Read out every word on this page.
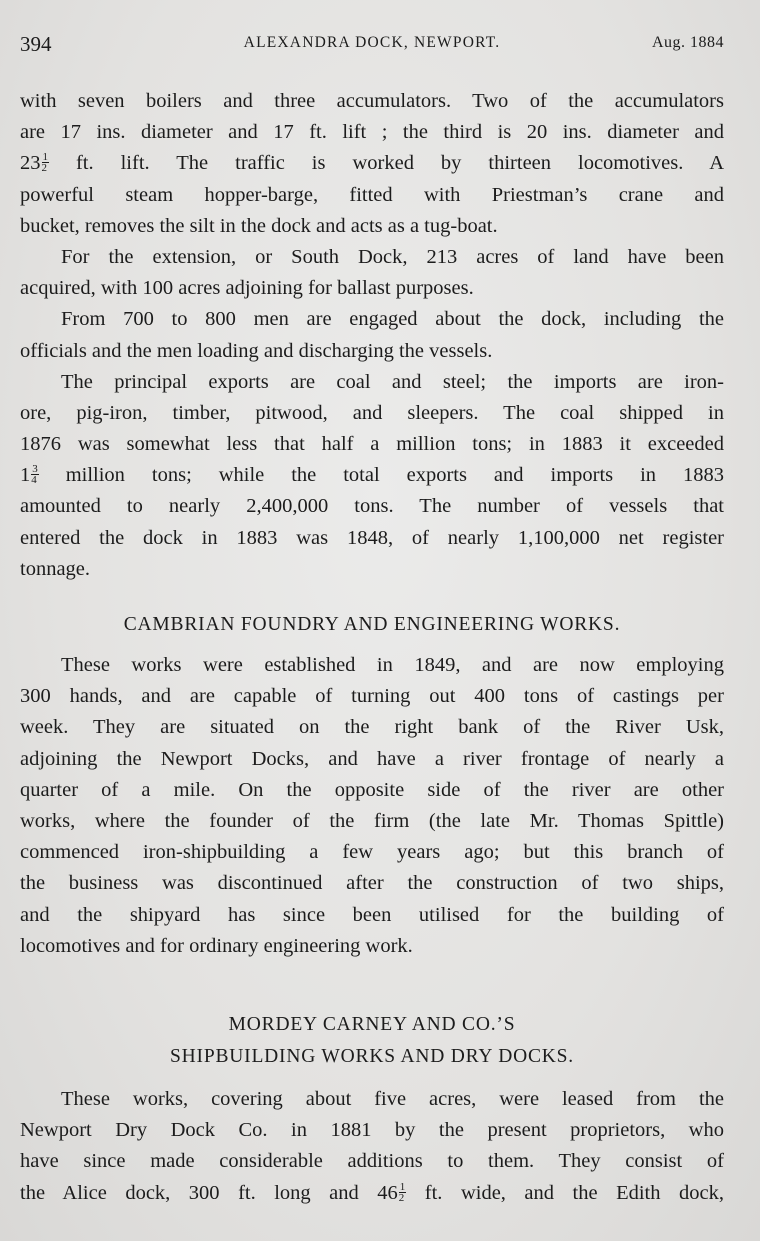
394	ALEXANDRA DOCK, NEWPORT.	Aug. 1884
with seven boilers and three accumulators. Two of the accumulators
are 17 ins. diameter and 17 ft. lift ; the third is 20 ins. diameter and
$23 \frac{1}{2}$ ft. lift. The traffic is worked by thirteen locomotives. A
powerful steam hopper-barge, fitted with Priestman’s crane and
bucket, removes the silt in the dock and acts as a tug-boat.
For the extension, or South Dock, 213 acres of land have been
acquired, with 100 acres adjoining for ballast purposes.
From 700 to 800 men are engaged about the dock, including the
officials and the men loading and discharging the vessels.
The principal exports are coal and steel; the imports are iron-
ore, pig-iron, timber, pitwood, and sleepers. The coal shipped in
1876 was somewhat less that half a million tons; in 1883 it exceeded
$1 \frac{3}{4}$ million tons; while the total exports and imports in 1883
amounted to nearly 2,400,000 tons. The number of vessels that
entered the dock in 1883 was 1848, of nearly 1,100,000 net register
tonnage.
CAMBRIAN FOUNDRY AND ENGINEERING WORKS.
These works were established in 1849, and are now employing
300 hands, and are capable of turning out 400 tons of castings per
week. They are situated on the right bank of the River Usk,
adjoining the Newport Docks, and have a river frontage of nearly a
quarter of a mile. On the opposite side of the river are other
works, where the founder of the firm (the late Mr. Thomas Spittle)
commenced iron-shipbuilding a few years ago; but this branch of
the business was discontinued after the construction of two ships,
and the shipyard has since been utilised for the building of
locomotives and for ordinary engineering work.
MORDEY CARNEY AND CO.’S
SHIPBUILDING WORKS AND DRY DOCKS.
These works, covering about five acres, were leased from the
Newport Dry Dock Co. in 1881 by the present proprietors, who
have since made considerable additions to them. They consist of
the Alice dock, 300 ft. long and $46 \frac{1}{2}$ ft. wide, and the Edith dock,
